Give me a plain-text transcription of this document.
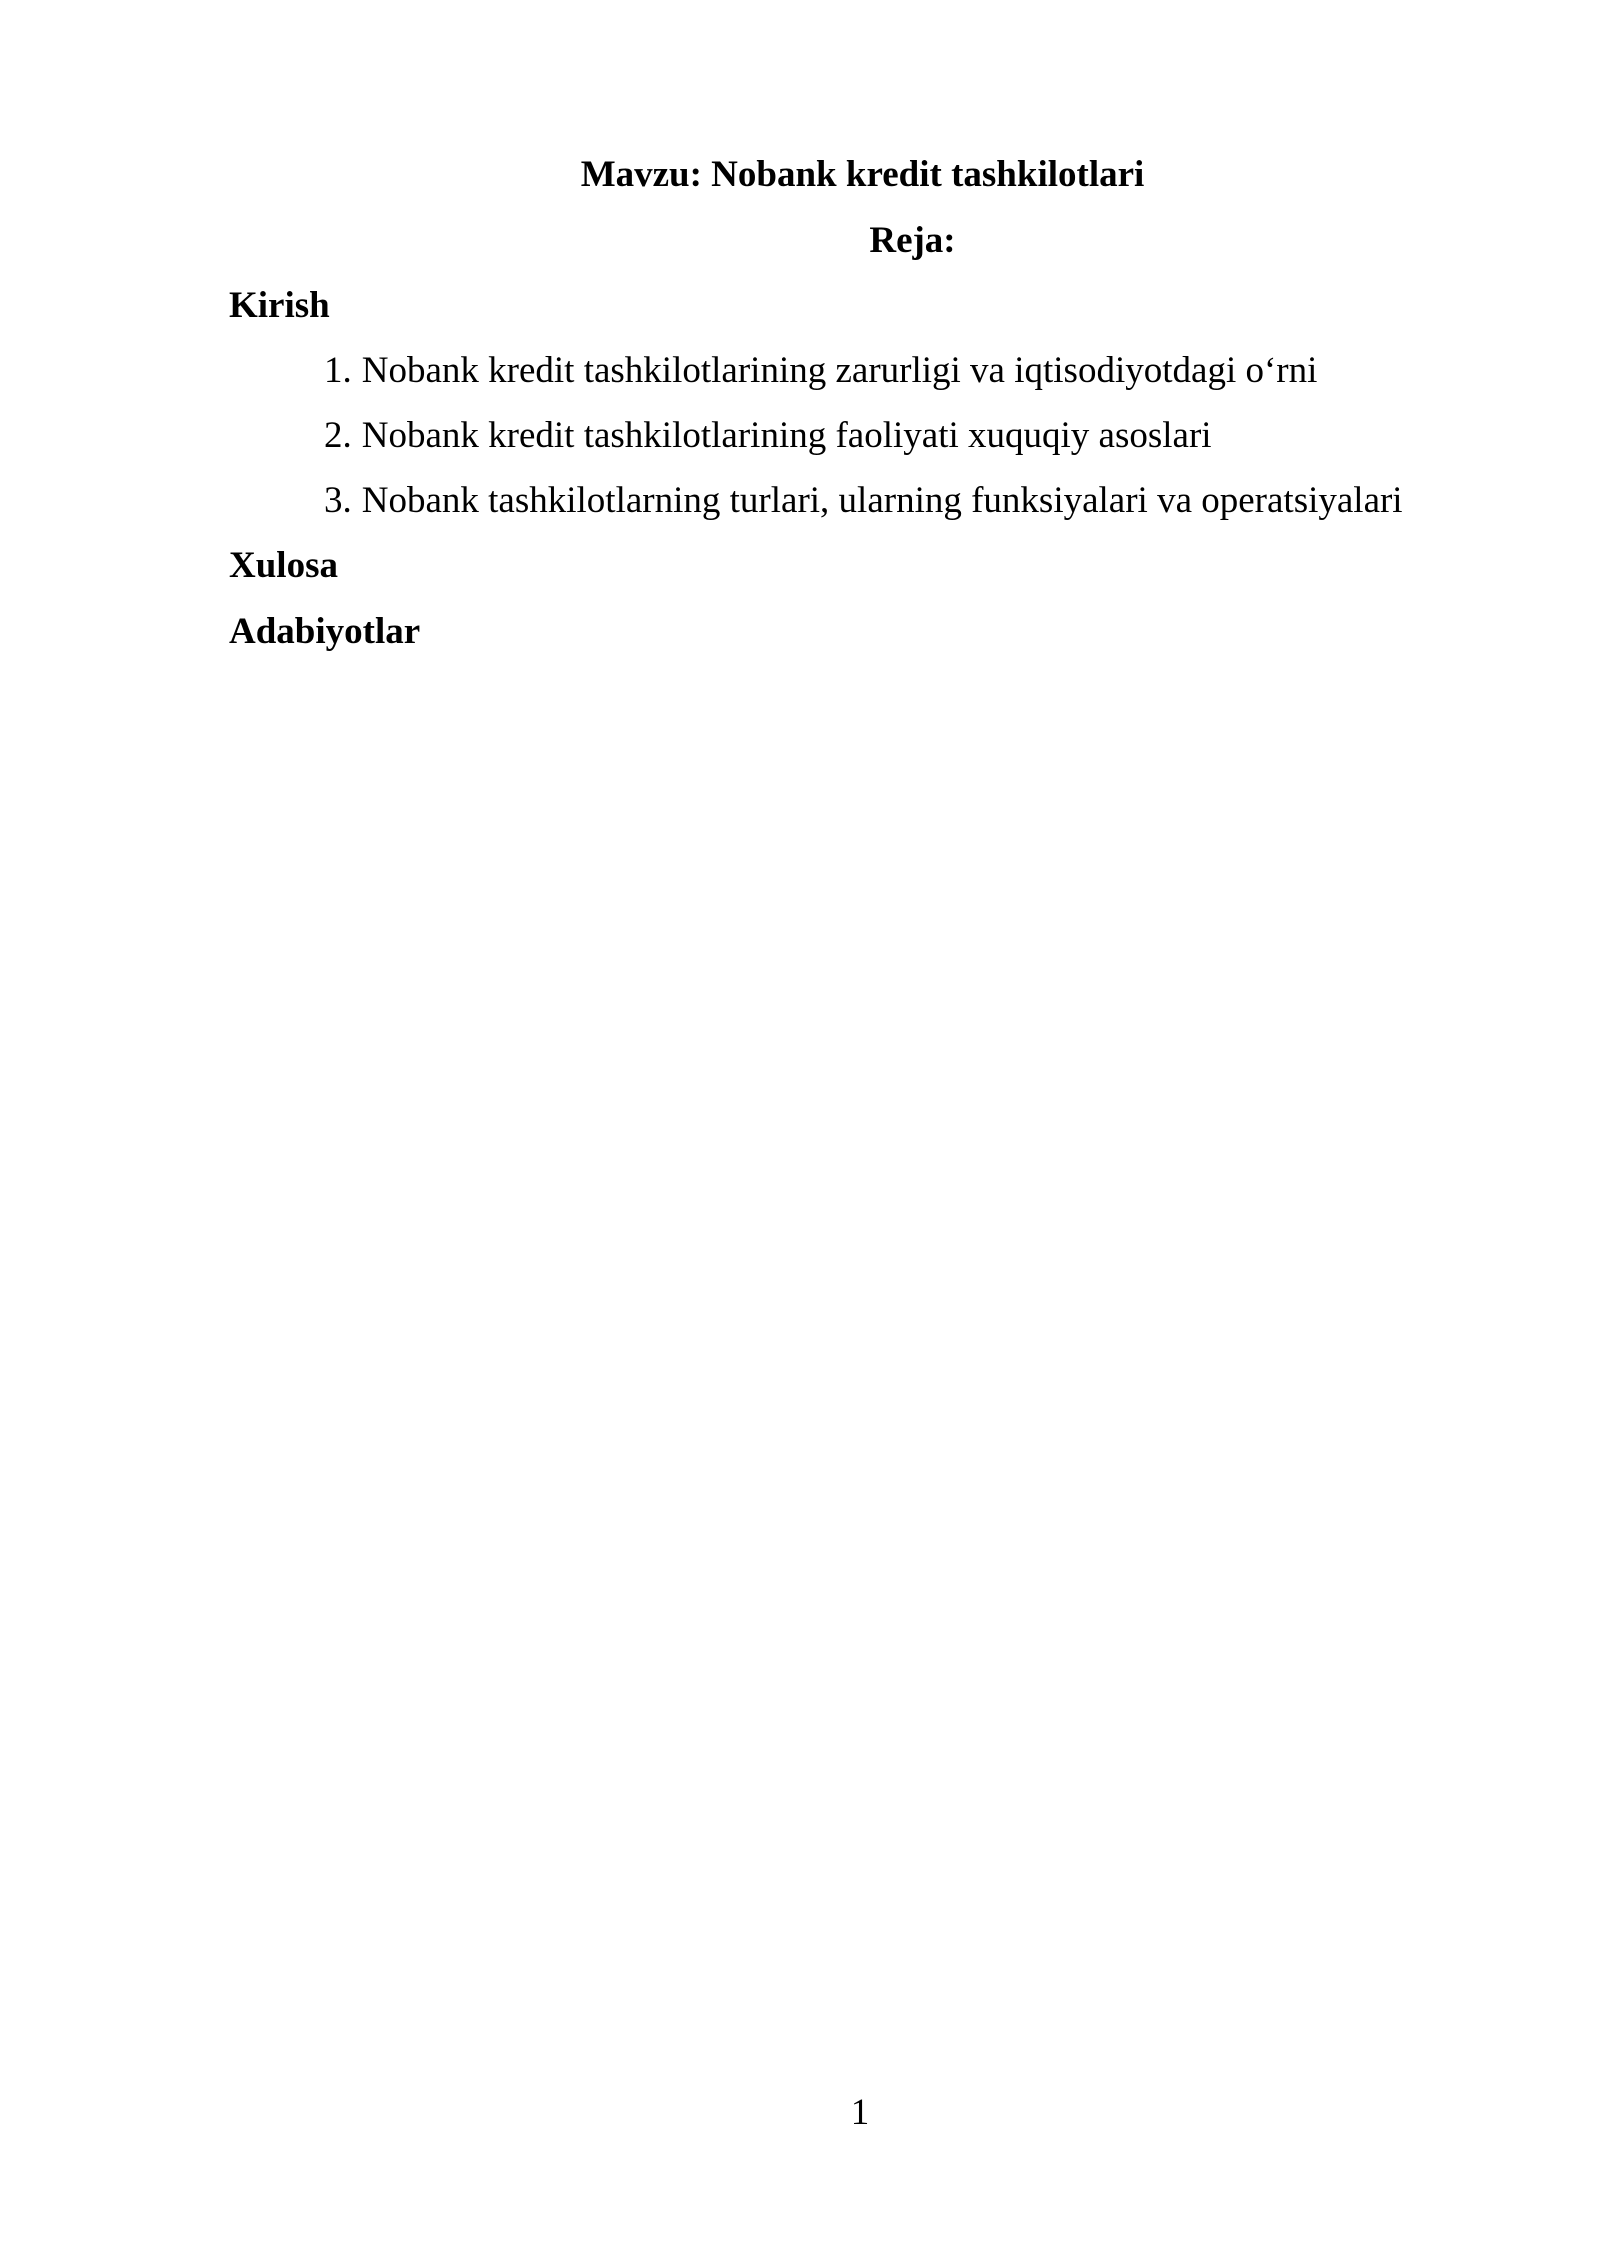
Mavzu: Nobank kredit tashkilotlari
Reja:
Kirish
1. Nobank kredit tashkilotlarining zarurligi va iqtisodiyotdagi o‘rni
2. Nobank kredit tashkilotlarining faoliyati xuquqiy asoslari
3. Nobank tashkilotlarning turlari, ularning funksiyalari va operatsiyalari
Xulosa
Adabiyotlar
1
